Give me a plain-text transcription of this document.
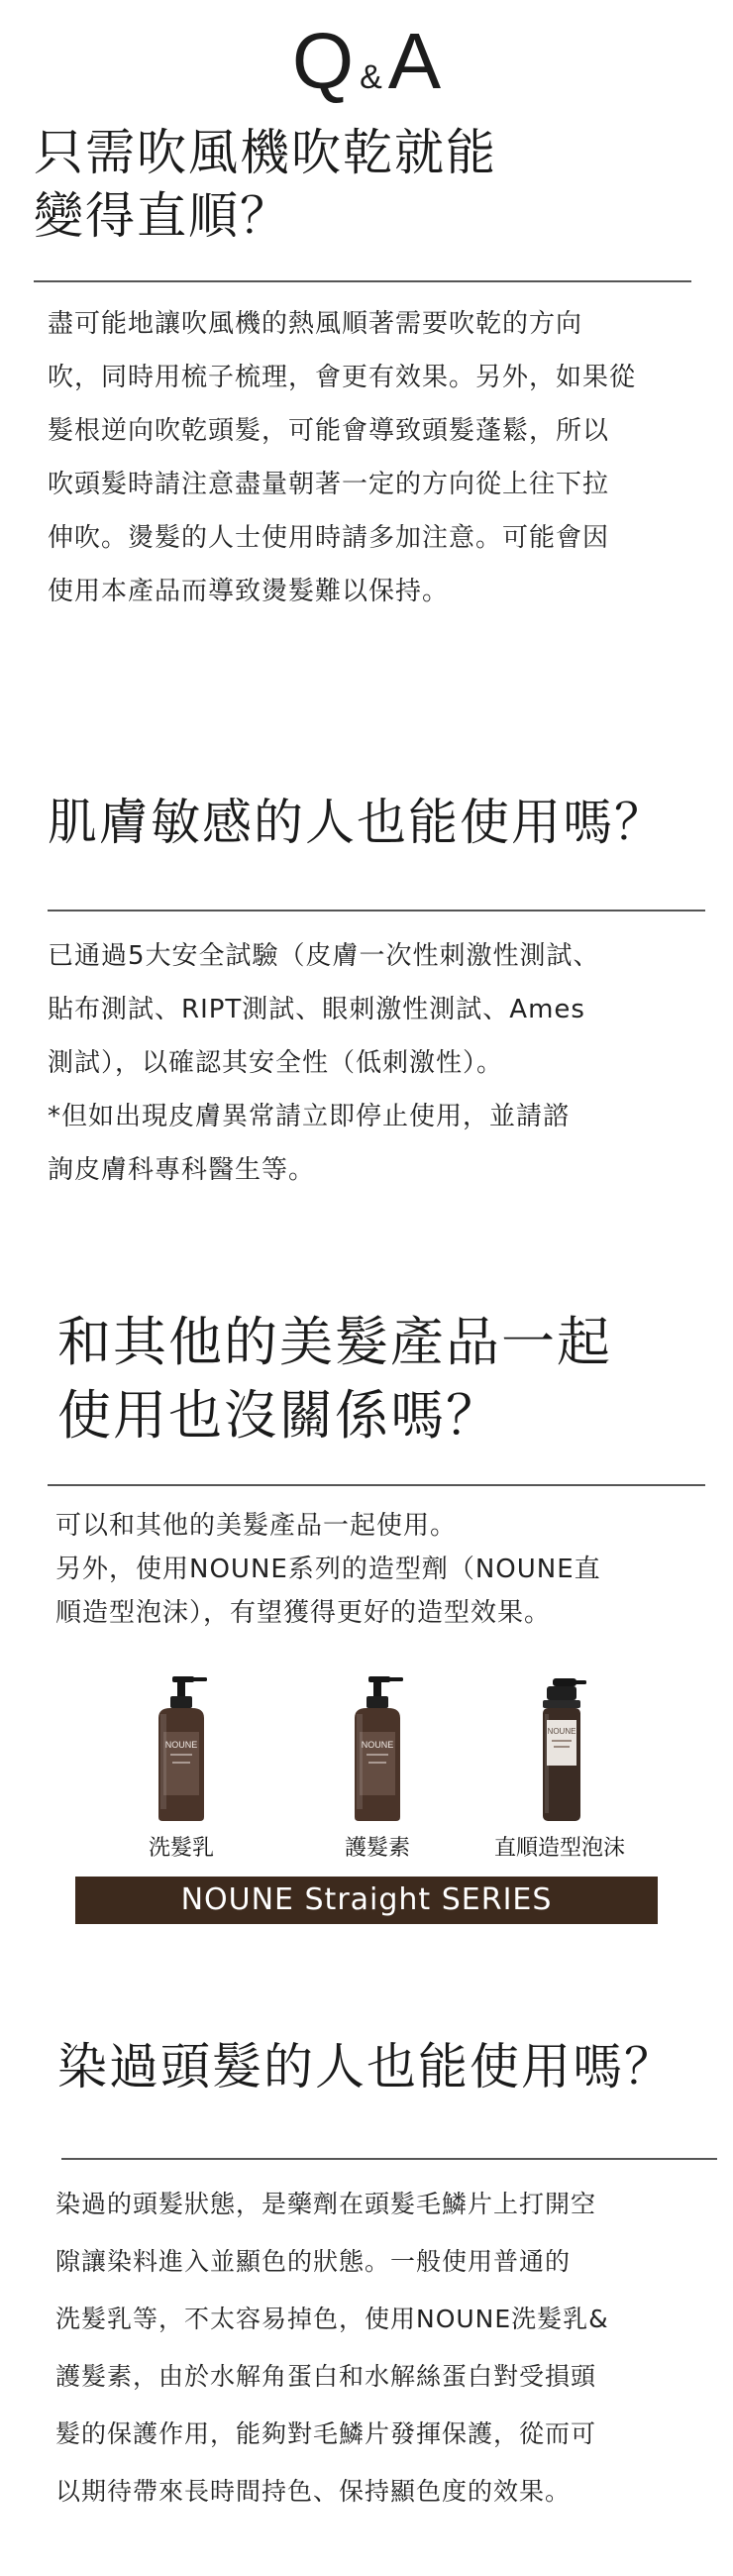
Q &A
只需吹風機吹乾就能
變得直順？

盡可能地讓吹風機的熱風順著需要吹乾的方向

吹，同時用梳子梳理，會更有效果。另外，如果從

髮根逆向吹乾頭髮，可能會導致頭髮蓬鬆，所以

吹頭髮時請注意盡量朝著一定的方向從上往下拉

伸吹。燙髮的人士使用時請多加注意。可能會因

使用本產品而導致燙髮難以保持。

肌膚敏感的人也能使用嗎？

已通過5大安全試驗（皮膚一次性刺激性測試、

貼布測試、RIPT測試、眼刺激性測試、Ames

測試），以確認其安全性（低刺激性）。

*但如出現皮膚異常請立即停止使用，並請諮

詢皮膚科專科醫生等。

和其他的美髮產品一起
使用也沒關係嗎？

可以和其他的美髮產品一起使用。

另外，使用NOUNE系列的造型劑（NOUNE直

順造型泡沫），有望獲得更好的造型效果。

NOUNE
洗髮乳
NOUNE
護髮素
NOUNE
直順造型泡沫
NOUNE Straight SERIES
染過頭髮的人也能使用嗎？

染過的頭髮狀態，是藥劑在頭髮毛鱗片上打開空

隙讓染料進入並顯色的狀態。一般使用普通的

洗髮乳等，不太容易掉色，使用NOUNE洗髮乳&

護髮素，由於水解角蛋白和水解絲蛋白對受損頭

髮的保護作用，能夠對毛鱗片發揮保護，從而可

以期待帶來長時間持色、保持顯色度的效果。
